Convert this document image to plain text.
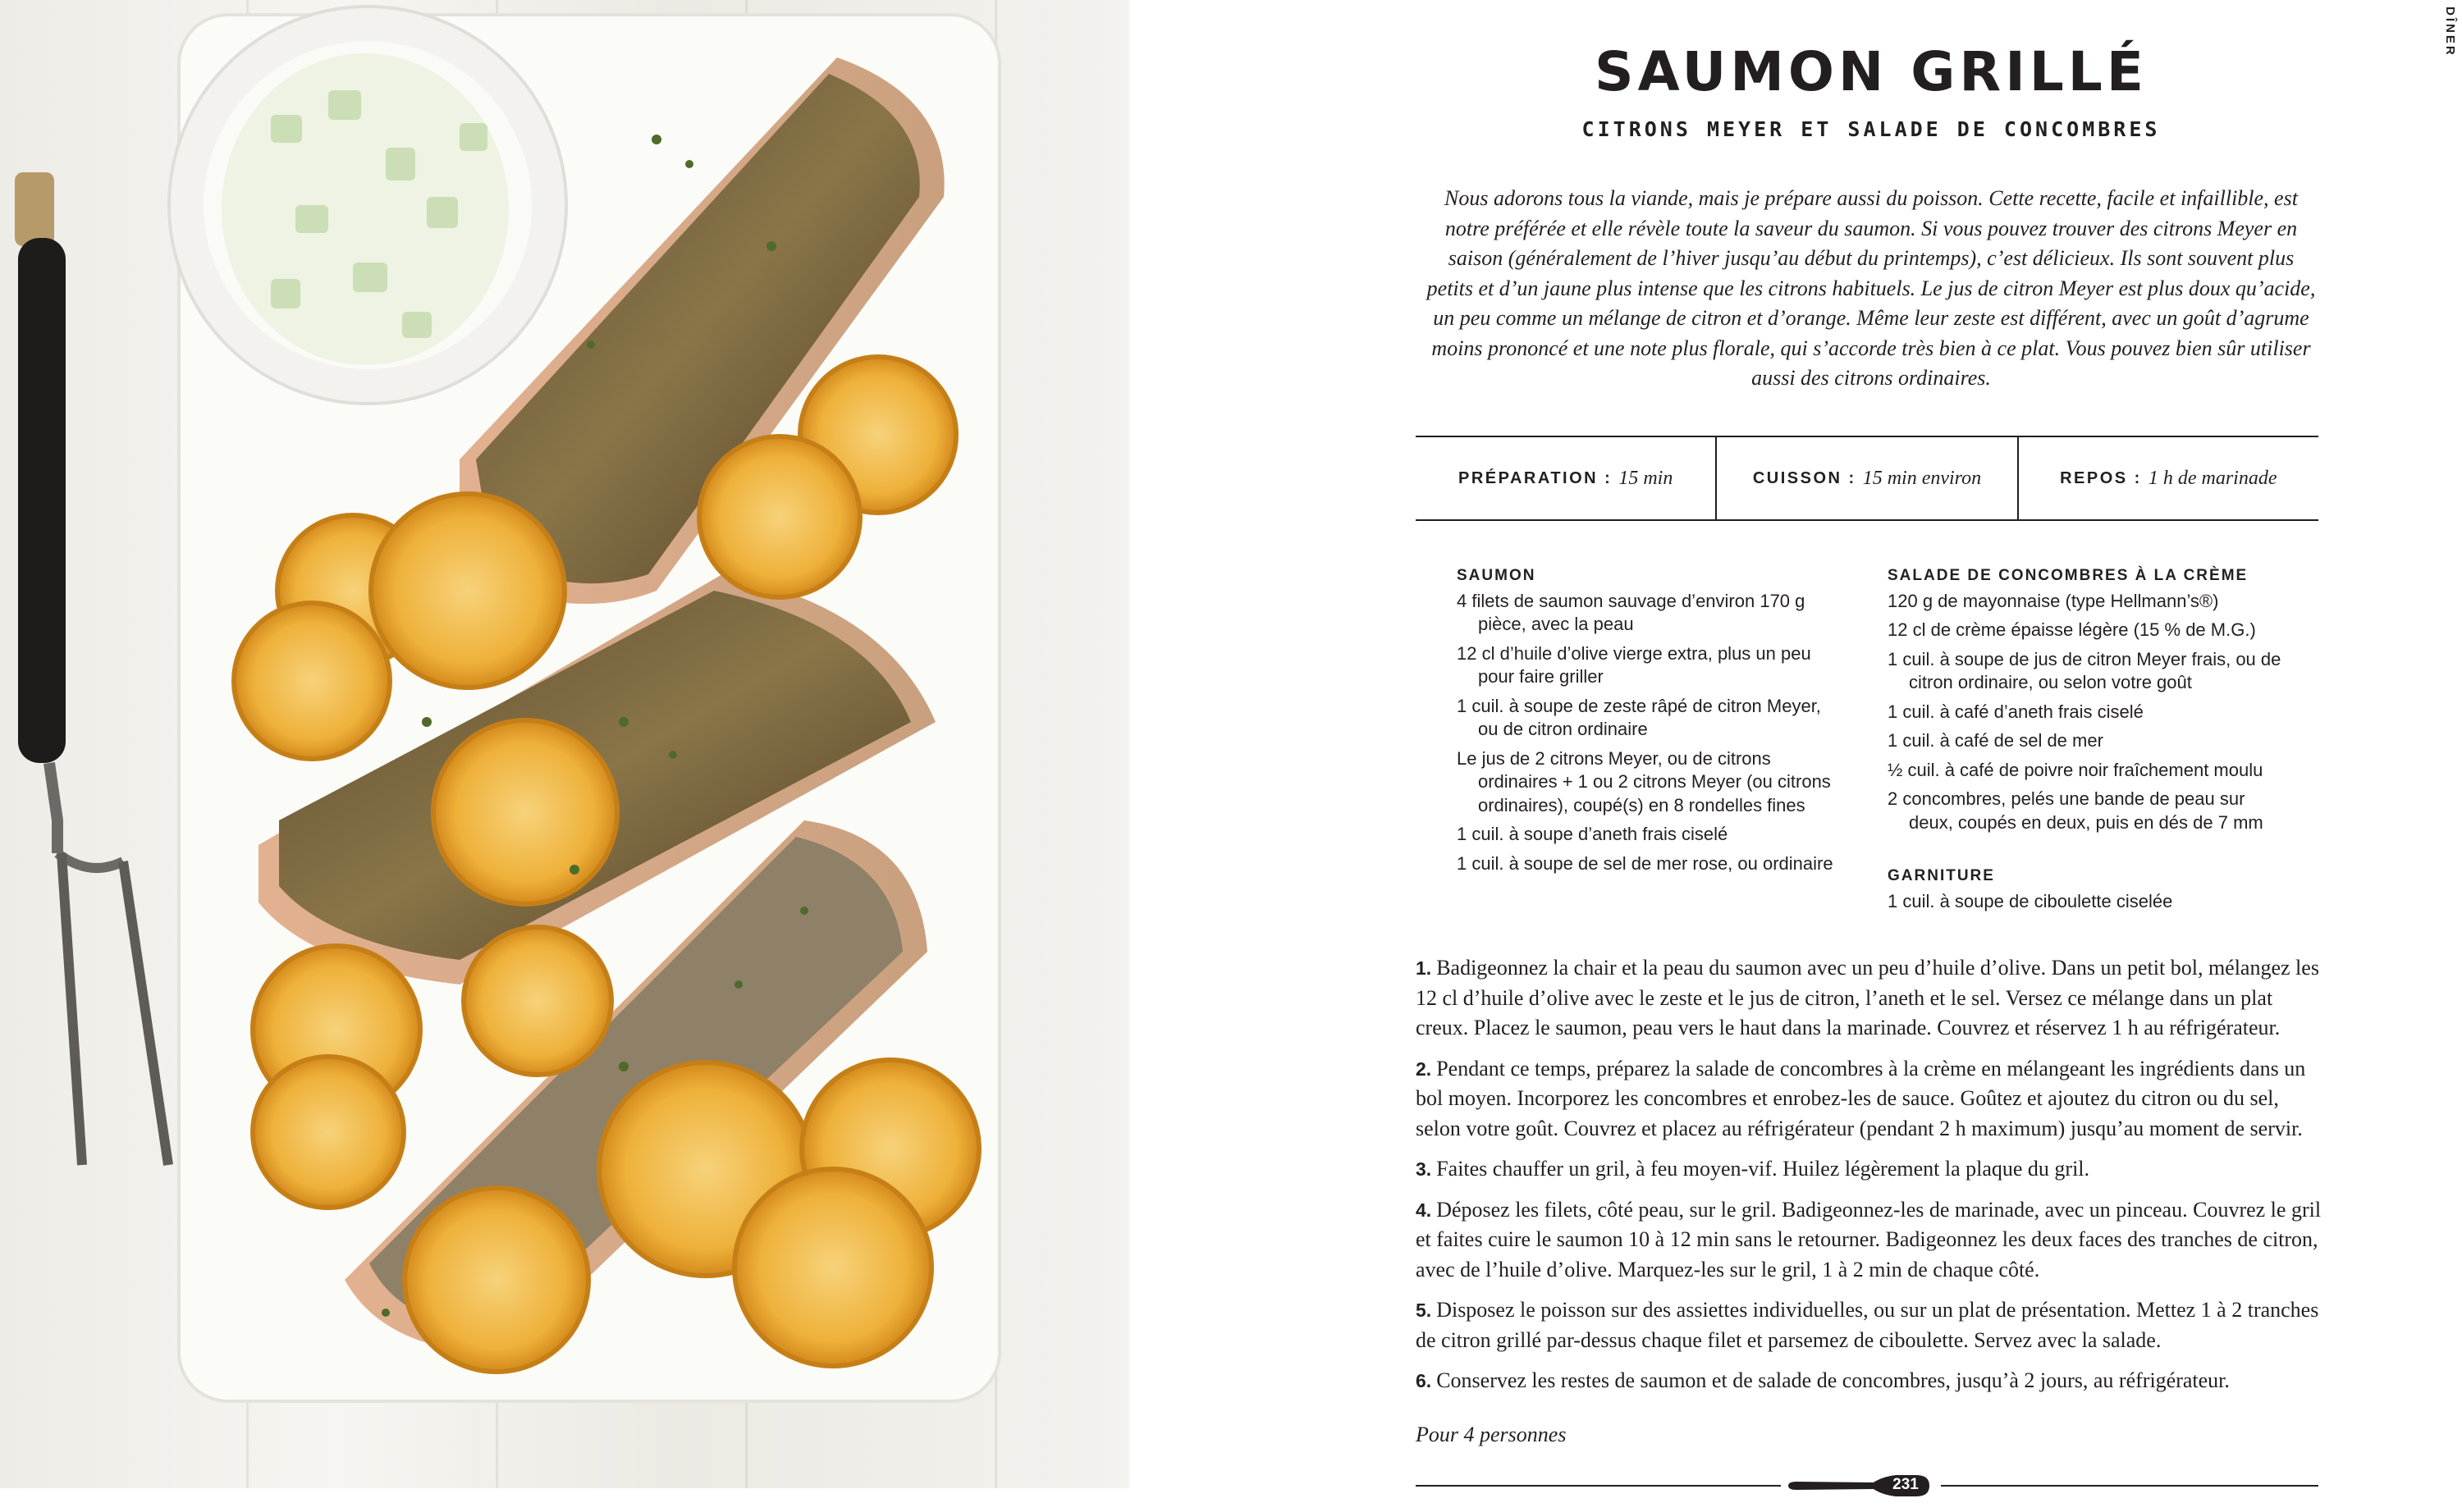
DÎNER
SAUMON GRILLÉ
CITRONS MEYER ET SALADE DE CONCOMBRES

Nous adorons tous la viande, mais je prépare aussi du poisson. Cette recette, facile et infaillible, est notre préférée et elle révèle toute la saveur du saumon. Si vous pouvez trouver des citrons Meyer en saison (généralement de l’hiver jusqu’au début du printemps), c’est délicieux. Ils sont souvent plus petits et d’un jaune plus intense que les citrons habituels. Le jus de citron Meyer est plus doux qu’acide, un peu comme un mélange de citron et d’orange. Même leur zeste est différent, avec un goût d’agrume moins prononcé et une note plus florale, qui s’accorde très bien à ce plat. Vous pouvez bien sûr utiliser aussi des citrons ordinaires.

PRÉPARATION : 15 min	CUISSON : 15 min environ	REPOS : 1 h de marinade
SAUMON
4 filets de saumon sauvage d’environ 170 g pièce, avec la peau
12 cl d’huile d’olive vierge extra, plus un peu pour faire griller
1 cuil. à soupe de zeste râpé de citron Meyer, ou de citron ordinaire
Le jus de 2 citrons Meyer, ou de citrons ordinaires + 1 ou 2 citrons Meyer (ou citrons ordinaires), coupé(s) en 8 rondelles fines
1 cuil. à soupe d’aneth frais ciselé
1 cuil. à soupe de sel de mer rose, ou ordinaire
SALADE DE CONCOMBRES À LA CRÈME
120 g de mayonnaise (type Hellmann’s®)
12 cl de crème épaisse légère (15 % de M.G.)
1 cuil. à soupe de jus de citron Meyer frais, ou de citron ordinaire, ou selon votre goût
1 cuil. à café d’aneth frais ciselé
1 cuil. à café de sel de mer
½ cuil. à café de poivre noir fraîchement moulu
2 concombres, pelés une bande de peau sur deux, coupés en deux, puis en dés de 7 mm
GARNITURE
1 cuil. à soupe de ciboulette ciselée

1. Badigeonnez la chair et la peau du saumon avec un peu d’huile d’olive. Dans un petit bol, mélangez les 12 cl d’huile d’olive avec le zeste et le jus de citron, l’aneth et le sel. Versez ce mélange dans un plat creux. Placez le saumon, peau vers le haut dans la marinade. Couvrez et réservez 1 h au réfrigérateur.

2. Pendant ce temps, préparez la salade de concombres à la crème en mélangeant les ingrédients dans un bol moyen. Incorporez les concombres et enrobez-les de sauce. Goûtez et ajoutez du citron ou du sel, selon votre goût. Couvrez et placez au réfrigérateur (pendant 2 h maximum) jusqu’au moment de servir.

3. Faites chauffer un gril, à feu moyen-vif. Huilez légèrement la plaque du gril.

4. Déposez les filets, côté peau, sur le gril. Badigeonnez-les de marinade, avec un pinceau. Couvrez le gril et faites cuire le saumon 10 à 12 min sans le retourner. Badigeonnez les deux faces des tranches de citron, avec de l’huile d’olive. Marquez-les sur le gril, 1 à 2 min de chaque côté.

5. Disposez le poisson sur des assiettes individuelles, ou sur un plat de présentation. Mettez 1 à 2 tranches de citron grillé par-dessus chaque filet et parsemez de ciboulette. Servez avec la salade.

6. Conservez les restes de saumon et de salade de concombres, jusqu’à 2 jours, au réfrigérateur.

Pour 4 personnes
231
